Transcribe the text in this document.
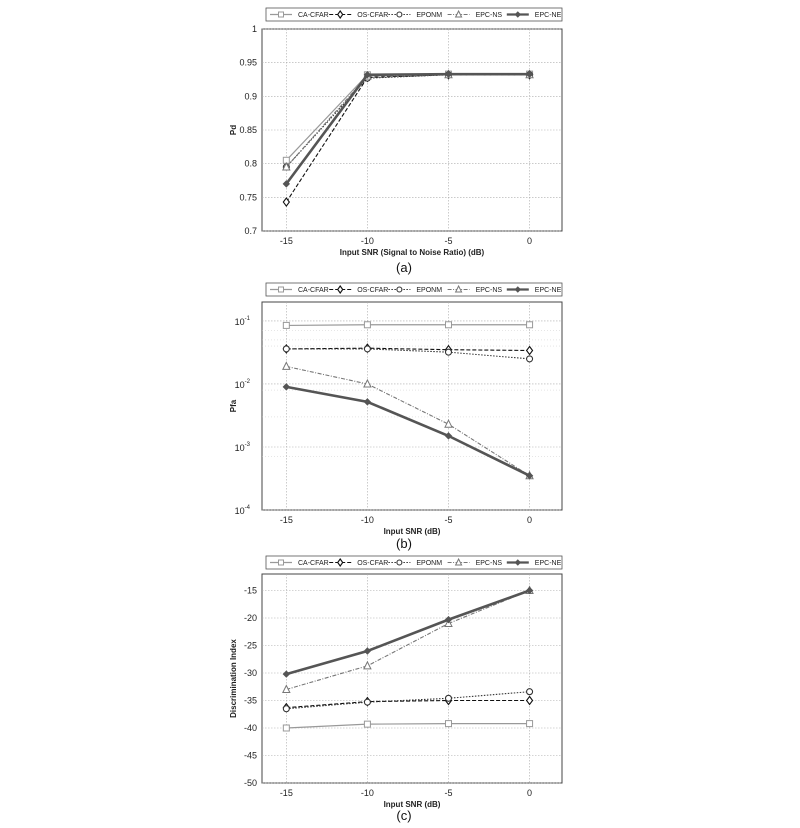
-15	-10	-5	0
0.7
0.75
0.8
0.85
0.9
0.95
1
Input SNR (Signal to Noise Ratio) (dB)
Pd
CA-CFAR	OS-CFAR	EPONM	EPC-NS	EPC-NE
(a)
-15	-10	-5	0
$10^{-1}$
$10^{-2}$
$10^{-3}$
$10^{-4}$
Input SNR (dB)
Pfa
CA-CFAR	OS-CFAR	EPONM	EPC-NS	EPC-NE
(b)
-15	-10	-5	0
-50
-45
-40
-35
-30
-25
-20
-15
Input SNR (dB)
Discrimination Index
CA-CFAR	OS-CFAR	EPONM	EPC-NS	EPC-NE
(c)
